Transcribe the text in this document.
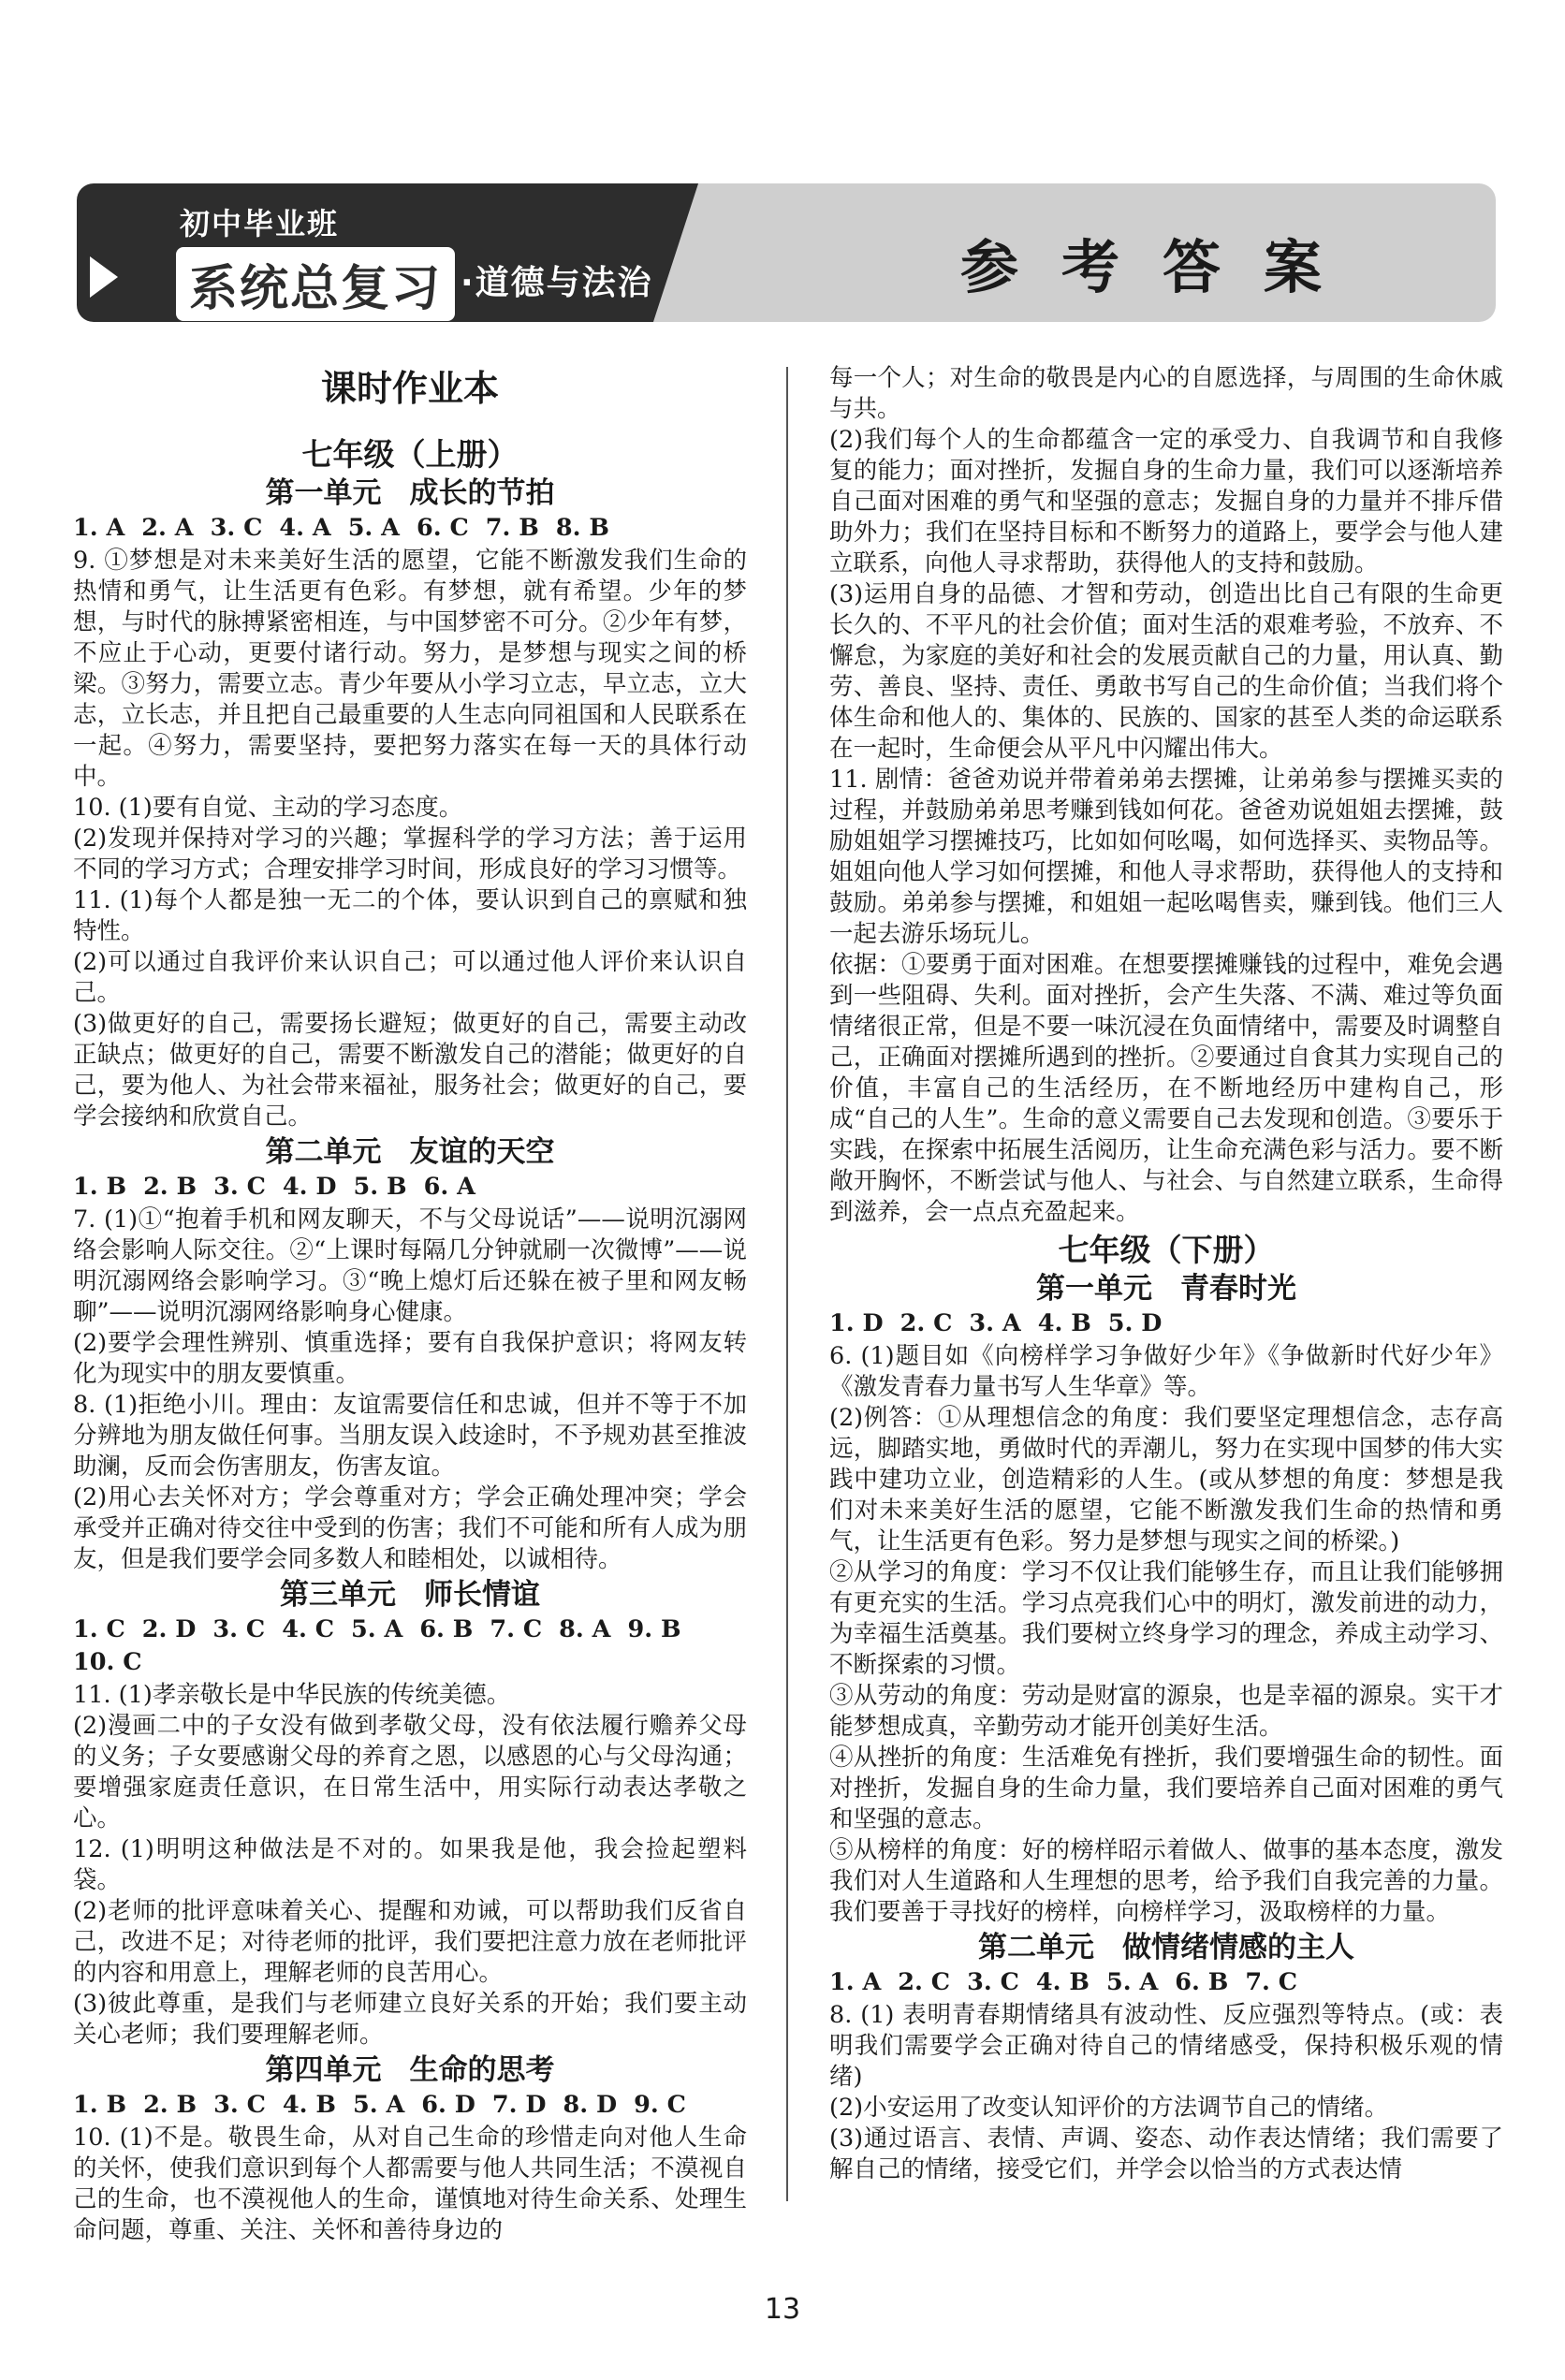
初中毕业班
系统总复习 ·道德与法治	参考答案
课时作业本
七年级（上册）
第一单元 成长的节拍
1. A 2. A 3. C 4. A 5. A 6. C 7. B 8. B

9. ①梦想是对未来美好生活的愿望，它能不断激发我们生命的热情和勇气，让生活更有色彩。有梦想，就有希望。少年的梦想，与时代的脉搏紧密相连，与中国梦密不可分。②少年有梦，不应止于心动，更要付诸行动。努力，是梦想与现实之间的桥梁。③努力，需要立志。青少年要从小学习立志，早立志，立大志，立长志，并且把自己最重要的人生志向同祖国和人民联系在一起。④努力，需要坚持，要把努力落实在每一天的具体行动中。

10. (1)要有自觉、主动的学习态度。

(2)发现并保持对学习的兴趣；掌握科学的学习方法；善于运用不同的学习方式；合理安排学习时间，形成良好的学习习惯等。

11. (1)每个人都是独一无二的个体，要认识到自己的禀赋和独特性。

(2)可以通过自我评价来认识自己；可以通过他人评价来认识自己。

(3)做更好的自己，需要扬长避短；做更好的自己，需要主动改正缺点；做更好的自己，需要不断激发自己的潜能；做更好的自己，要为他人、为社会带来福祉，服务社会；做更好的自己，要学会接纳和欣赏自己。

第二单元 友谊的天空
1. B 2. B 3. C 4. D 5. B 6. A

7. (1)①“抱着手机和网友聊天，不与父母说话”——说明沉溺网络会影响人际交往。②“上课时每隔几分钟就刷一次微博”——说明沉溺网络会影响学习。③“晚上熄灯后还躲在被子里和网友畅聊”——说明沉溺网络影响身心健康。

(2)要学会理性辨别、慎重选择；要有自我保护意识；将网友转化为现实中的朋友要慎重。

8. (1)拒绝小川。理由：友谊需要信任和忠诚，但并不等于不加分辨地为朋友做任何事。当朋友误入歧途时，不予规劝甚至推波助澜，反而会伤害朋友，伤害友谊。

(2)用心去关怀对方；学会尊重对方；学会正确处理冲突；学会承受并正确对待交往中受到的伤害；我们不可能和所有人成为朋友，但是我们要学会同多数人和睦相处，以诚相待。

第三单元 师长情谊
1. C 2. D 3. C 4. C 5. A 6. B 7. C 8. A 9. B
10. C

11. (1)孝亲敬长是中华民族的传统美德。

(2)漫画二中的子女没有做到孝敬父母，没有依法履行赡养父母的义务；子女要感谢父母的养育之恩，以感恩的心与父母沟通；要增强家庭责任意识，在日常生活中，用实际行动表达孝敬之心。

12. (1)明明这种做法是不对的。如果我是他，我会捡起塑料袋。

(2)老师的批评意味着关心、提醒和劝诫，可以帮助我们反省自己，改进不足；对待老师的批评，我们要把注意力放在老师批评的内容和用意上，理解老师的良苦用心。

(3)彼此尊重，是我们与老师建立良好关系的开始；我们要主动关心老师；我们要理解老师。

第四单元 生命的思考
1. B 2. B 3. C 4. B 5. A 6. D 7. D 8. D 9. C

10. (1)不是。敬畏生命，从对自己生命的珍惜走向对他人生命的关怀，使我们意识到每个人都需要与他人共同生活；不漠视自己的生命，也不漠视他人的生命，谨慎地对待生命关系、处理生命问题，尊重、关注、关怀和善待身边的

每一个人；对生命的敬畏是内心的自愿选择，与周围的生命休戚与共。

(2)我们每个人的生命都蕴含一定的承受力、自我调节和自我修复的能力；面对挫折，发掘自身的生命力量，我们可以逐渐培养自己面对困难的勇气和坚强的意志；发掘自身的力量并不排斥借助外力；我们在坚持目标和不断努力的道路上，要学会与他人建立联系，向他人寻求帮助，获得他人的支持和鼓励。

(3)运用自身的品德、才智和劳动，创造出比自己有限的生命更长久的、不平凡的社会价值；面对生活的艰难考验，不放弃、不懈怠，为家庭的美好和社会的发展贡献自己的力量，用认真、勤劳、善良、坚持、责任、勇敢书写自己的生命价值；当我们将个体生命和他人的、集体的、民族的、国家的甚至人类的命运联系在一起时，生命便会从平凡中闪耀出伟大。

11. 剧情：爸爸劝说并带着弟弟去摆摊，让弟弟参与摆摊买卖的过程，并鼓励弟弟思考赚到钱如何花。爸爸劝说姐姐去摆摊，鼓励姐姐学习摆摊技巧，比如如何吆喝，如何选择买、卖物品等。姐姐向他人学习如何摆摊，和他人寻求帮助，获得他人的支持和鼓励。弟弟参与摆摊，和姐姐一起吆喝售卖，赚到钱。他们三人一起去游乐场玩儿。

依据：①要勇于面对困难。在想要摆摊赚钱的过程中，难免会遇到一些阻碍、失利。面对挫折，会产生失落、不满、难过等负面情绪很正常，但是不要一味沉浸在负面情绪中，需要及时调整自己，正确面对摆摊所遇到的挫折。②要通过自食其力实现自己的价值，丰富自己的生活经历，在不断地经历中建构自己，形成“自己的人生”。生命的意义需要自己去发现和创造。③要乐于实践，在探索中拓展生活阅历，让生命充满色彩与活力。要不断敞开胸怀，不断尝试与他人、与社会、与自然建立联系，生命得到滋养，会一点点充盈起来。

七年级（下册）
第一单元 青春时光
1. D 2. C 3. A 4. B 5. D

6. (1)题目如《向榜样学习争做好少年》《争做新时代好少年》《激发青春力量书写人生华章》等。

(2)例答：①从理想信念的角度：我们要坚定理想信念，志存高远，脚踏实地，勇做时代的弄潮儿，努力在实现中国梦的伟大实践中建功立业，创造精彩的人生。(或从梦想的角度：梦想是我们对未来美好生活的愿望，它能不断激发我们生命的热情和勇气，让生活更有色彩。努力是梦想与现实之间的桥梁。)

②从学习的角度：学习不仅让我们能够生存，而且让我们能够拥有更充实的生活。学习点亮我们心中的明灯，激发前进的动力，为幸福生活奠基。我们要树立终身学习的理念，养成主动学习、不断探索的习惯。

③从劳动的角度：劳动是财富的源泉，也是幸福的源泉。实干才能梦想成真，辛勤劳动才能开创美好生活。

④从挫折的角度：生活难免有挫折，我们要增强生命的韧性。面对挫折，发掘自身的生命力量，我们要培养自己面对困难的勇气和坚强的意志。

⑤从榜样的角度：好的榜样昭示着做人、做事的基本态度，激发我们对人生道路和人生理想的思考，给予我们自我完善的力量。我们要善于寻找好的榜样，向榜样学习，汲取榜样的力量。

第二单元 做情绪情感的主人
1. A 2. C 3. C 4. B 5. A 6. B 7. C

8. (1) 表明青春期情绪具有波动性、反应强烈等特点。(或：表明我们需要学会正确对待自己的情绪感受，保持积极乐观的情绪)

(2)小安运用了改变认知评价的方法调节自己的情绪。

(3)通过语言、表情、声调、姿态、动作表达情绪；我们需要了解自己的情绪，接受它们，并学会以恰当的方式表达情

13
